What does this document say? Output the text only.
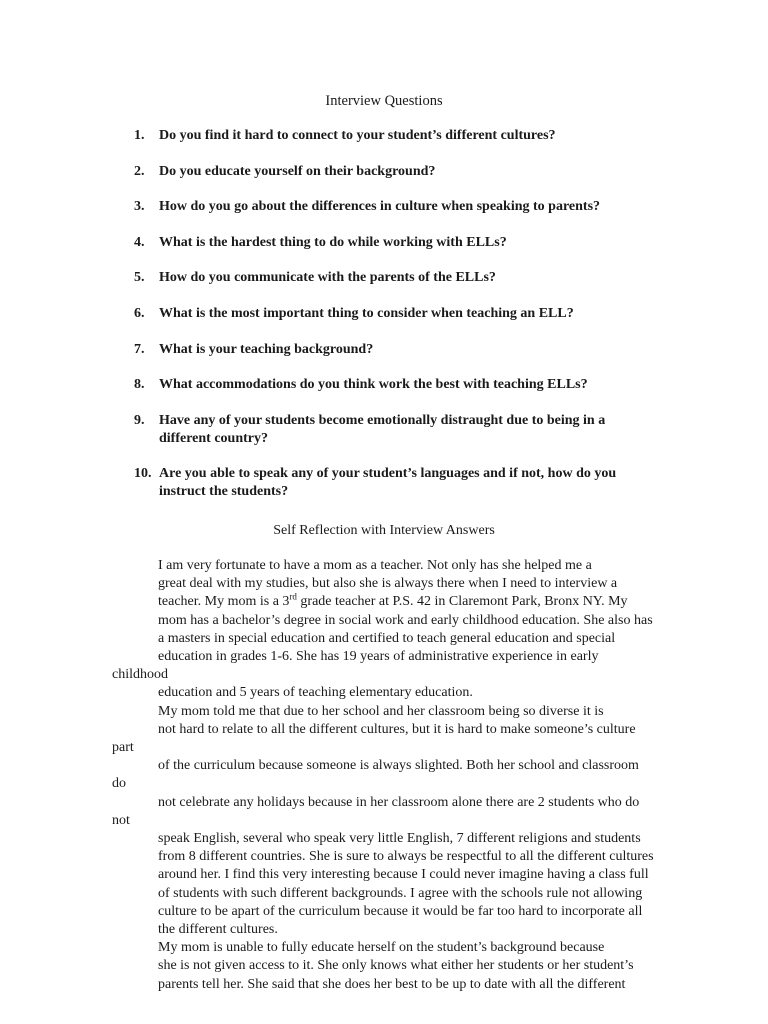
Interview Questions
1. Do you find it hard to connect to your student’s different cultures?
2. Do you educate yourself on their background?
3. How do you go about the differences in culture when speaking to parents?
4. What is the hardest thing to do while working with ELLs?
5. How do you communicate with the parents of the ELLs?
6. What is the most important thing to consider when teaching an ELL?
7. What is your teaching background?
8. What accommodations do you think work the best with teaching ELLs?
9. Have any of your students become emotionally distraught due to being in a
different country?
10. Are you able to speak any of your student’s languages and if not, how do you
instruct the students?
Self Reflection with Interview Answers
I am very fortunate to have a mom as a teacher. Not only has she helped me a
great deal with my studies, but also she is always there when I need to interview a
teacher. My mom is a 3rd grade teacher at P.S. 42 in Claremont Park, Bronx NY. My
mom has a bachelor’s degree in social work and early childhood education. She also has
a masters in special education and certified to teach general education and special
education in grades 1-6. She has 19 years of administrative experience in early childhood
education and 5 years of teaching elementary education.
My mom told me that due to her school and her classroom being so diverse it is
not hard to relate to all the different cultures, but it is hard to make someone’s culture part
of the curriculum because someone is always slighted. Both her school and classroom do
not celebrate any holidays because in her classroom alone there are 2 students who do not
speak English, several who speak very little English, 7 different religions and students
from 8 different countries. She is sure to always be respectful to all the different cultures
around her. I find this very interesting because I could never imagine having a class full
of students with such different backgrounds. I agree with the schools rule not allowing
culture to be apart of the curriculum because it would be far too hard to incorporate all
the different cultures.
My mom is unable to fully educate herself on the student’s background because
she is not given access to it. She only knows what either her students or her student’s
parents tell her. She said that she does her best to be up to date with all the different
